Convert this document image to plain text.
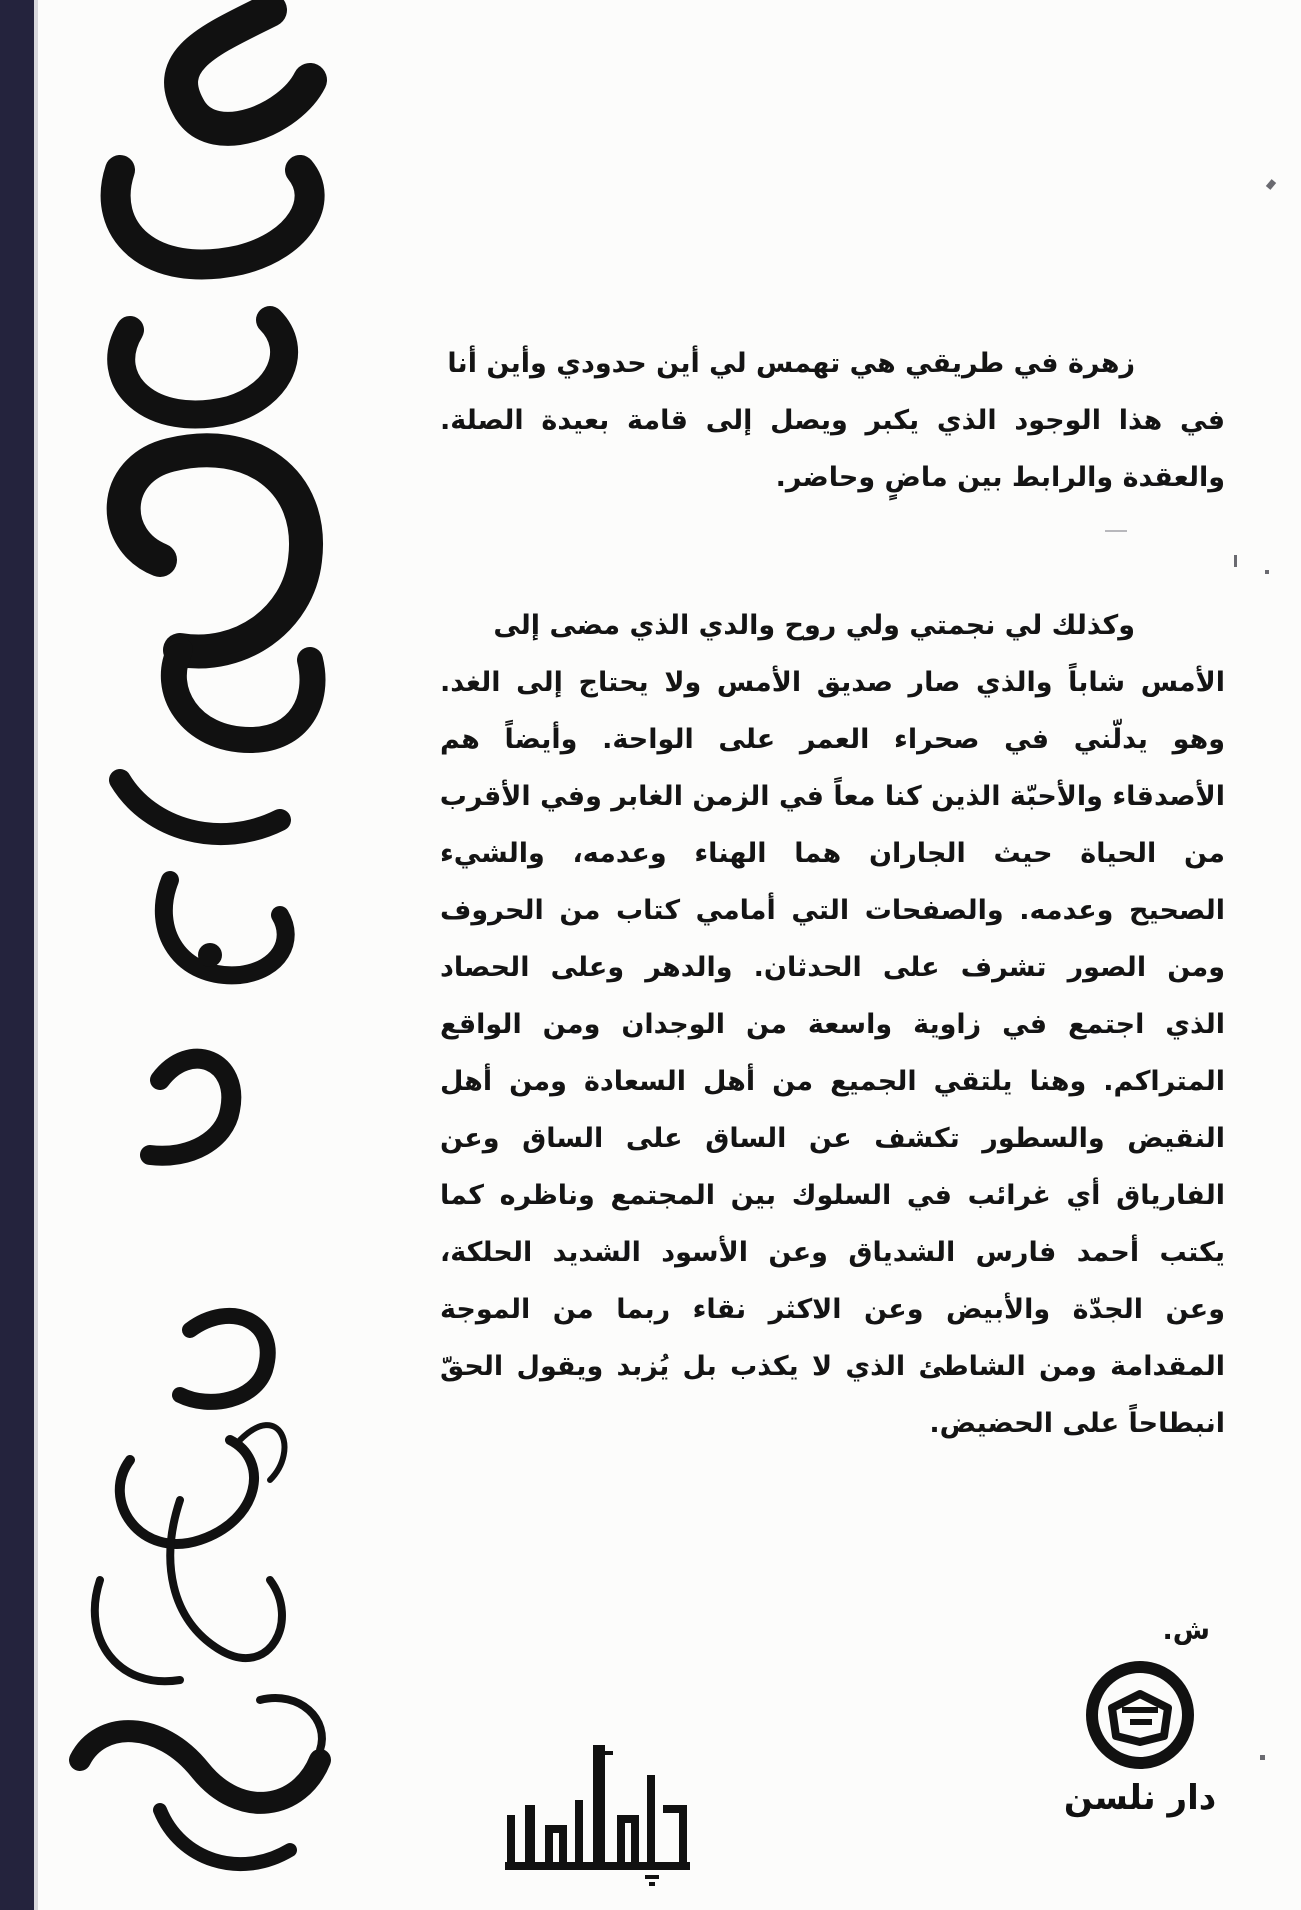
زهرة في طريقي هي تهمس لي أين حدودي وأين أنا
في هذا الوجود الذي يكبر ويصل إلى قامة بعيدة الصلة.
والعقدة والرابط بين ماضٍ وحاضر.
وكذلك لي نجمتي ولي روح والدي الذي مضى إلى
الأمس شاباً والذي صار صديق الأمس ولا يحتاج إلى الغد.
وهو يدلّني في صحراء العمر على الواحة. وأيضاً هم
الأصدقاء والأحبّة الذين كنا معاً في الزمن الغابر وفي الأقرب
من الحياة حيث الجاران هما الهناء وعدمه، والشيء
الصحيح وعدمه. والصفحات التي أمامي كتاب من الحروف
ومن الصور تشرف على الحدثان. والدهر وعلى الحصاد
الذي اجتمع في زاوية واسعة من الوجدان ومن الواقع
المتراكم. وهنا يلتقي الجميع من أهل السعادة ومن أهل
النقيض والسطور تكشف عن الساق على الساق وعن
الفارياق أي غرائب في السلوك بين المجتمع وناظره كما
يكتب أحمد فارس الشدياق وعن الأسود الشديد الحلكة،
وعن الجدّة والأبيض وعن الاكثر نقاء ربما من الموجة
المقدامة ومن الشاطئ الذي لا يكذب بل يُزبد ويقول الحقّ
انبطاحاً على الحضيض.
ش.
دار نلسن
